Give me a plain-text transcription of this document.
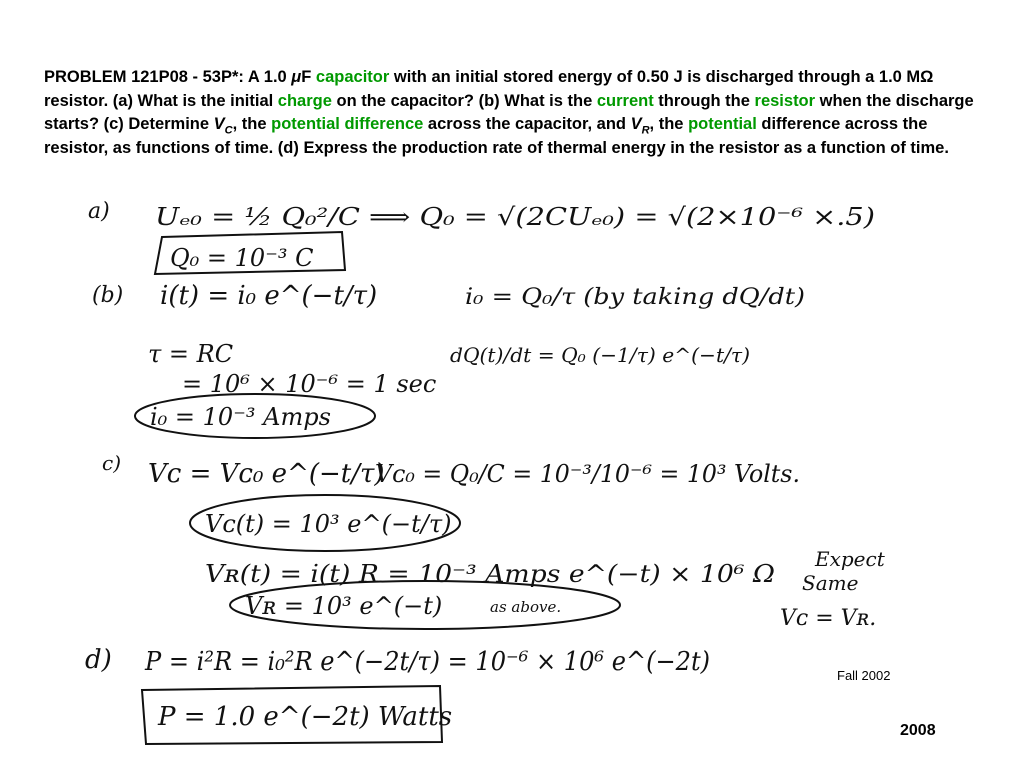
PROBLEM 121P08 - 53P*: A 1.0 μF capacitor with an initial stored energy of 0.50 J is discharged through a 1.0 MΩ resistor. (a) What is the initial charge on the capacitor? (b) What is the current through the resistor when the discharge starts? (c) Determine $V_C$, the potential difference across the capacitor, and $V_R$, the potential difference across the resistor, as functions of time. (d) Express the production rate of thermal energy in the resistor as a function of time.
a) Uₑ₀ = ½ Q₀²/C ⟹ Q₀ = √(2CUₑ₀) = √(2×10⁻⁶ ×.5)
Q₀ = 10⁻³ C
(b) i(t) = i₀ e^(−t/τ)	i₀ = Q₀/τ (by taking dQ/dt)
τ = RC
= 10⁶ × 10⁻⁶ = 1 sec
dQ(t)/dt = Q₀ (−1/τ) e^(−t/τ)
i₀ = 10⁻³ Amps
c) Vᴄ = Vᴄ₀ e^(−t/τ)
Vᴄ₀ = Q₀/C = 10⁻³/10⁻⁶ = 10³ Volts.
Vᴄ(t) = 10³ e^(−t/τ)
Vʀ(t) = i(t) R = 10⁻³ Amps e^(−t) × 10⁶ Ω
Vʀ = 10³ e^(−t)	as above.
Expect
Same
Vᴄ = Vʀ.
d) P = i²R = i₀²R e^(−2t/τ) = 10⁻⁶ × 10⁶ e^(−2t)
P = 1.0 e^(−2t) Watts
Fall 2002
2008
